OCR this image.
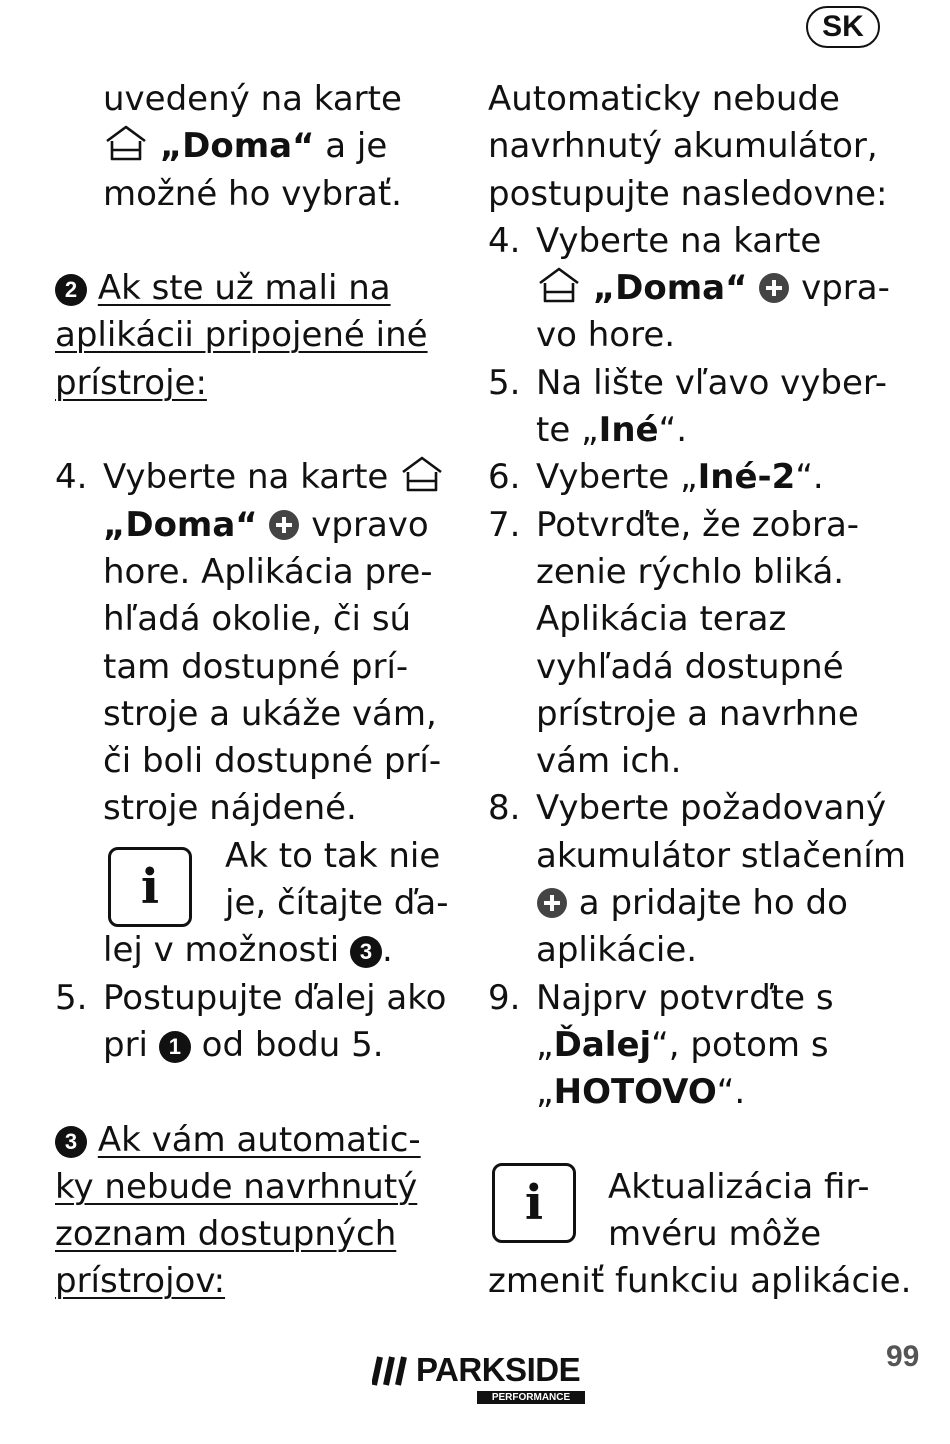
SK
uvedený na karte
„Doma“ a je
možné ho vybrať.
2 Ak ste už mali na
aplikácii pripojené iné
prístroje:
4. Vyberte na karte
„Doma“  vpravo
hore. Aplikácia pre-
hľadá okolie, či sú
tam dostupné prí-
stroje a ukáže vám,
či boli dostupné prí-
stroje nájdené.
Ak to tak nie
je, čítajte ďa-
lej v možnosti 3 .
5. Postupujte ďalej ako
pri 1 od bodu 5.
3 Ak vám automatic-
ky nebude navrhnutý
zoznam dostupných
prístrojov:
i
Automaticky nebude
navrhnutý akumulátor,
postupujte nasledovne:
4. Vyberte na karte
„Doma“  vpra-
vo hore.
5. Na lište vľavo vyber-
te „Iné“.
6. Vyberte „Iné-2“.
7. Potvrďte, že zobra-
zenie rýchlo bliká.
Aplikácia teraz
vyhľadá dostupné
prístroje a navrhne
vám ich.
8. Vyberte požadovaný
akumulátor stlačením
a pridajte ho do
aplikácie.
9. Najprv potvrďte s
„Ďalej“, potom s
„HOTOVO“.
Aktualizácia fir-
mvéru môže
zmeniť funkciu aplikácie.
i
PARKSIDE
PERFORMANCE
99
